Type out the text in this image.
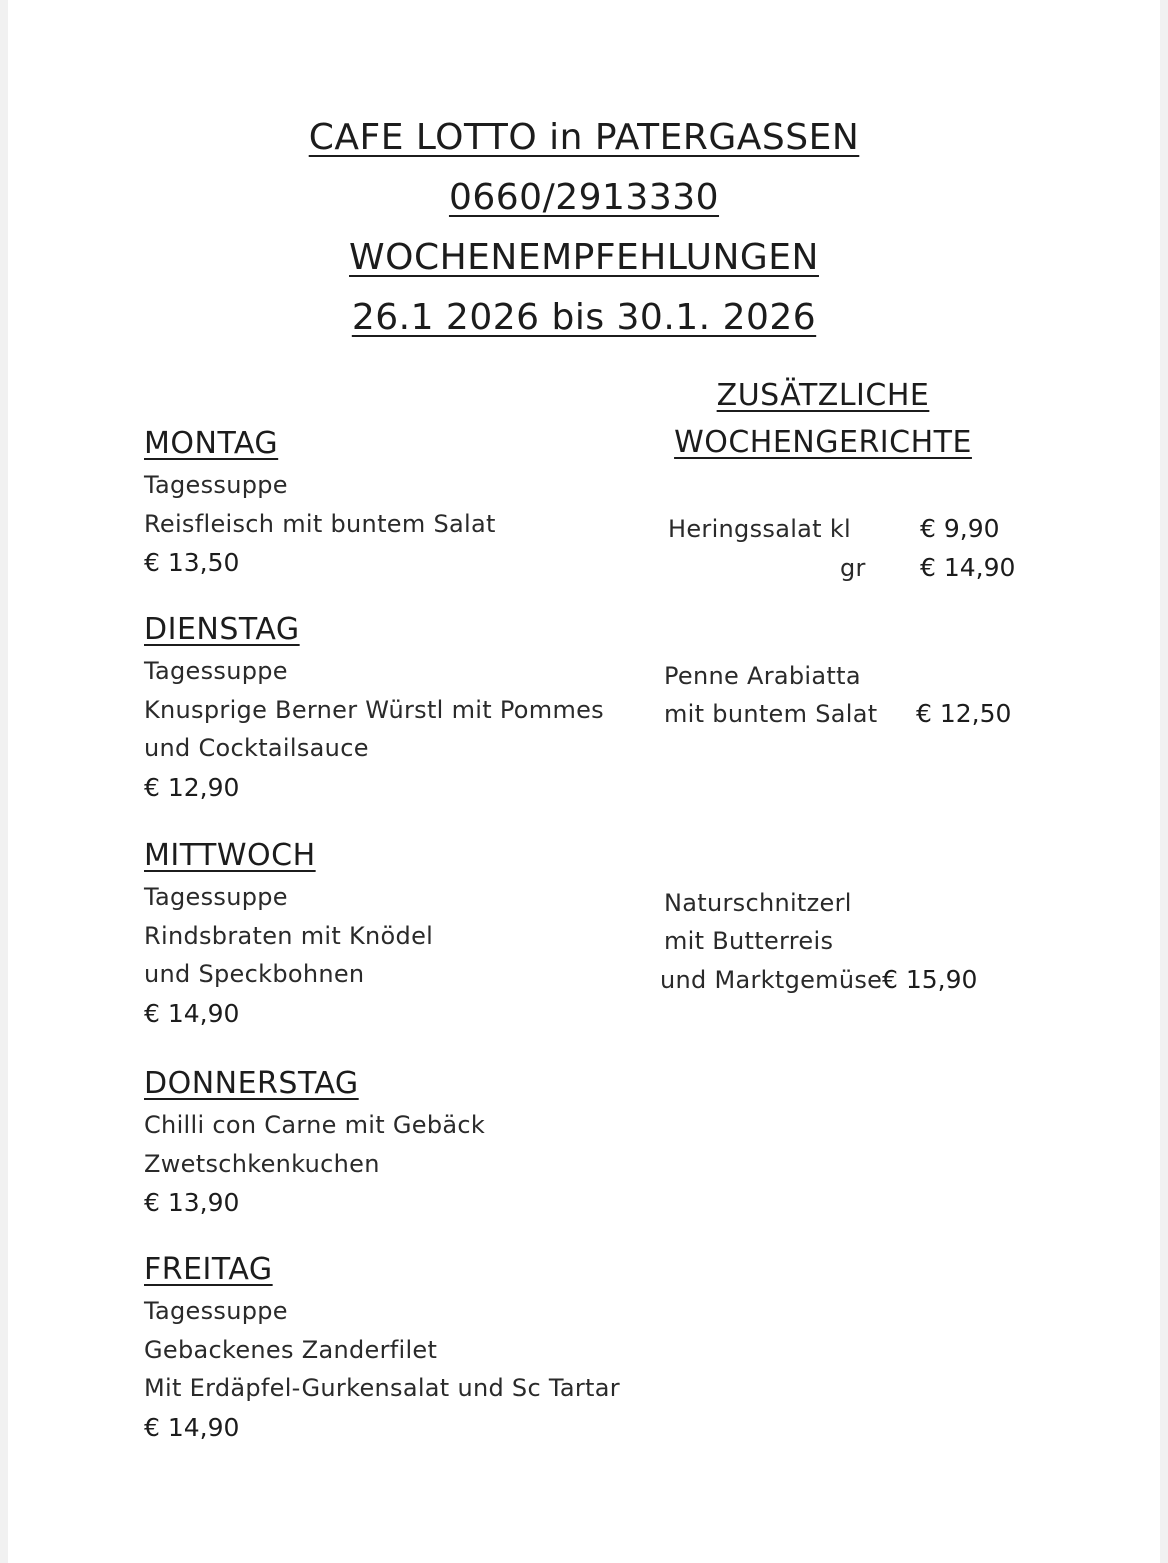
CAFE LOTTO in PATERGASSEN
0660/2913330
WOCHENEMPFEHLUNGEN
26.1 2026 bis 30.1. 2026
MONTAG
Tagessuppe
Reisfleisch mit buntem Salat
€ 13,50
DIENSTAG
Tagessuppe
Knusprige Berner Würstl mit Pommes
und Cocktailsauce
€ 12,90
MITTWOCH
Tagessuppe
Rindsbraten mit Knödel
und Speckbohnen
€ 14,90
DONNERSTAG
Chilli con Carne mit Gebäck
Zwetschkenkuchen
€ 13,90
FREITAG
Tagessuppe
Gebackenes Zanderfilet
Mit Erdäpfel-Gurkensalat und Sc Tartar
€ 14,90
ZUSÄTZLICHE
WOCHENGERICHTE
Heringssalat kl	€ 9,90
gr € 14,90
Penne Arabiatta
mit buntem Salat € 12,50
Naturschnitzerl
mit Butterreis
und Marktgemüse € 15,90
